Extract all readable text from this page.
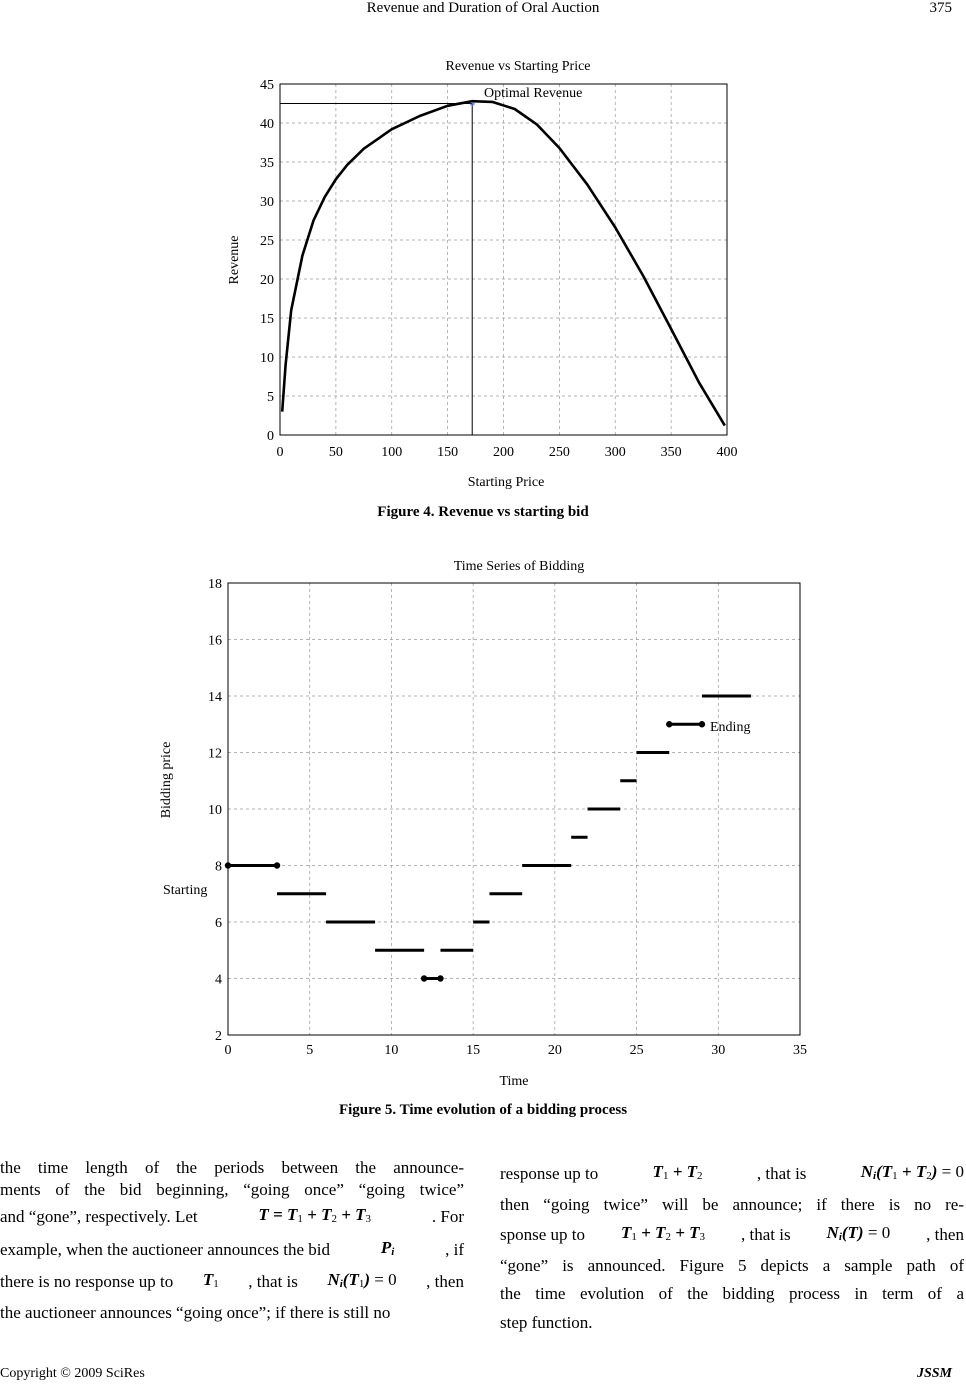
Revenue and Duration of Oral Auction	375
Revenue vs Starting Price
0	50	100 150 200 250 300 350 400
0
5
10
15
20
25
30
35
40
45
*
Optimal Revenue
Starting Price
Revenue
Figure 4. Revenue vs starting bid
Time Series of Bidding
0	5	10	15	20	25	30	35
2
4
6
8
10
12
14
16
18
Starting
Ending
Time
Bidding price
Figure 5. Time evolution of a bidding process

the time length of the periods between the announce-

ments of the bid beginning, “going once” “going twice”

and “gone”, respectively. Let	T = T1 + T2 + T3	. For

example, when the auctioneer announces the bid	Pi	, if

there is no response up to T1 , that is Ni(T1) = 0 , then

the auctioneer announces “going once”; if there is still no

response up to	T1 + T2	, that is	Ni(T1 + T2) = 0

then “going twice” will be announce; if there is no re-

sponse up to T1 + T2 + T3 , that is Ni(T) = 0 , then

“gone” is announced. Figure 5 depicts a sample path of

the time evolution of the bidding process in term of a

step function.

Copyright © 2009 SciRes	JSSM
